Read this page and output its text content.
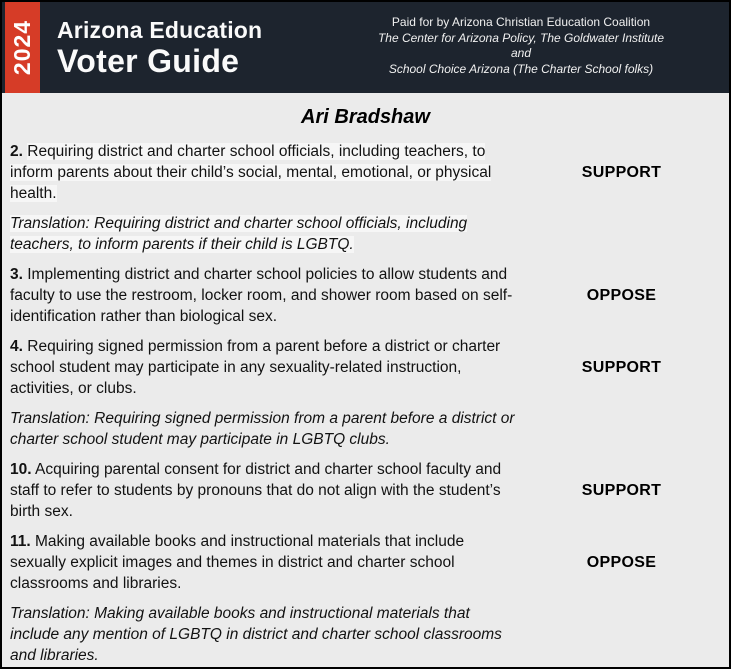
2024 Arizona Education
Voter Guide
Paid for by Arizona Christian Education Coalition
The Center for Arizona Policy, The Goldwater Institute
and
School Choice Arizona (The Charter School folks)
Ari Bradshaw
2. Requiring district and charter school officials, including teachers, to inform parents about their child’s social, mental, emotional, or physical health.
SUPPORT

Translation: Requiring district and charter school officials, including teachers, to inform parents if their child is LGBTQ.

3. Implementing district and charter school policies to allow students and faculty to use the restroom, locker room, and shower room based on self-identification rather than biological sex.
OPPOSE
4. Requiring signed permission from a parent before a district or charter school student may participate in any sexuality-related instruction, activities, or clubs.
SUPPORT

Translation: Requiring signed permission from a parent before a district or charter school student may participate in LGBTQ clubs.

10. Acquiring parental consent for district and charter school faculty and staff to refer to students by pronouns that do not align with the student’s birth sex.
SUPPORT
11. Making available books and instructional materials that include sexually explicit images and themes in district and charter school classrooms and libraries.
OPPOSE

Translation: Making available books and instructional materials that include any mention of LGBTQ in district and charter school classrooms and libraries.
